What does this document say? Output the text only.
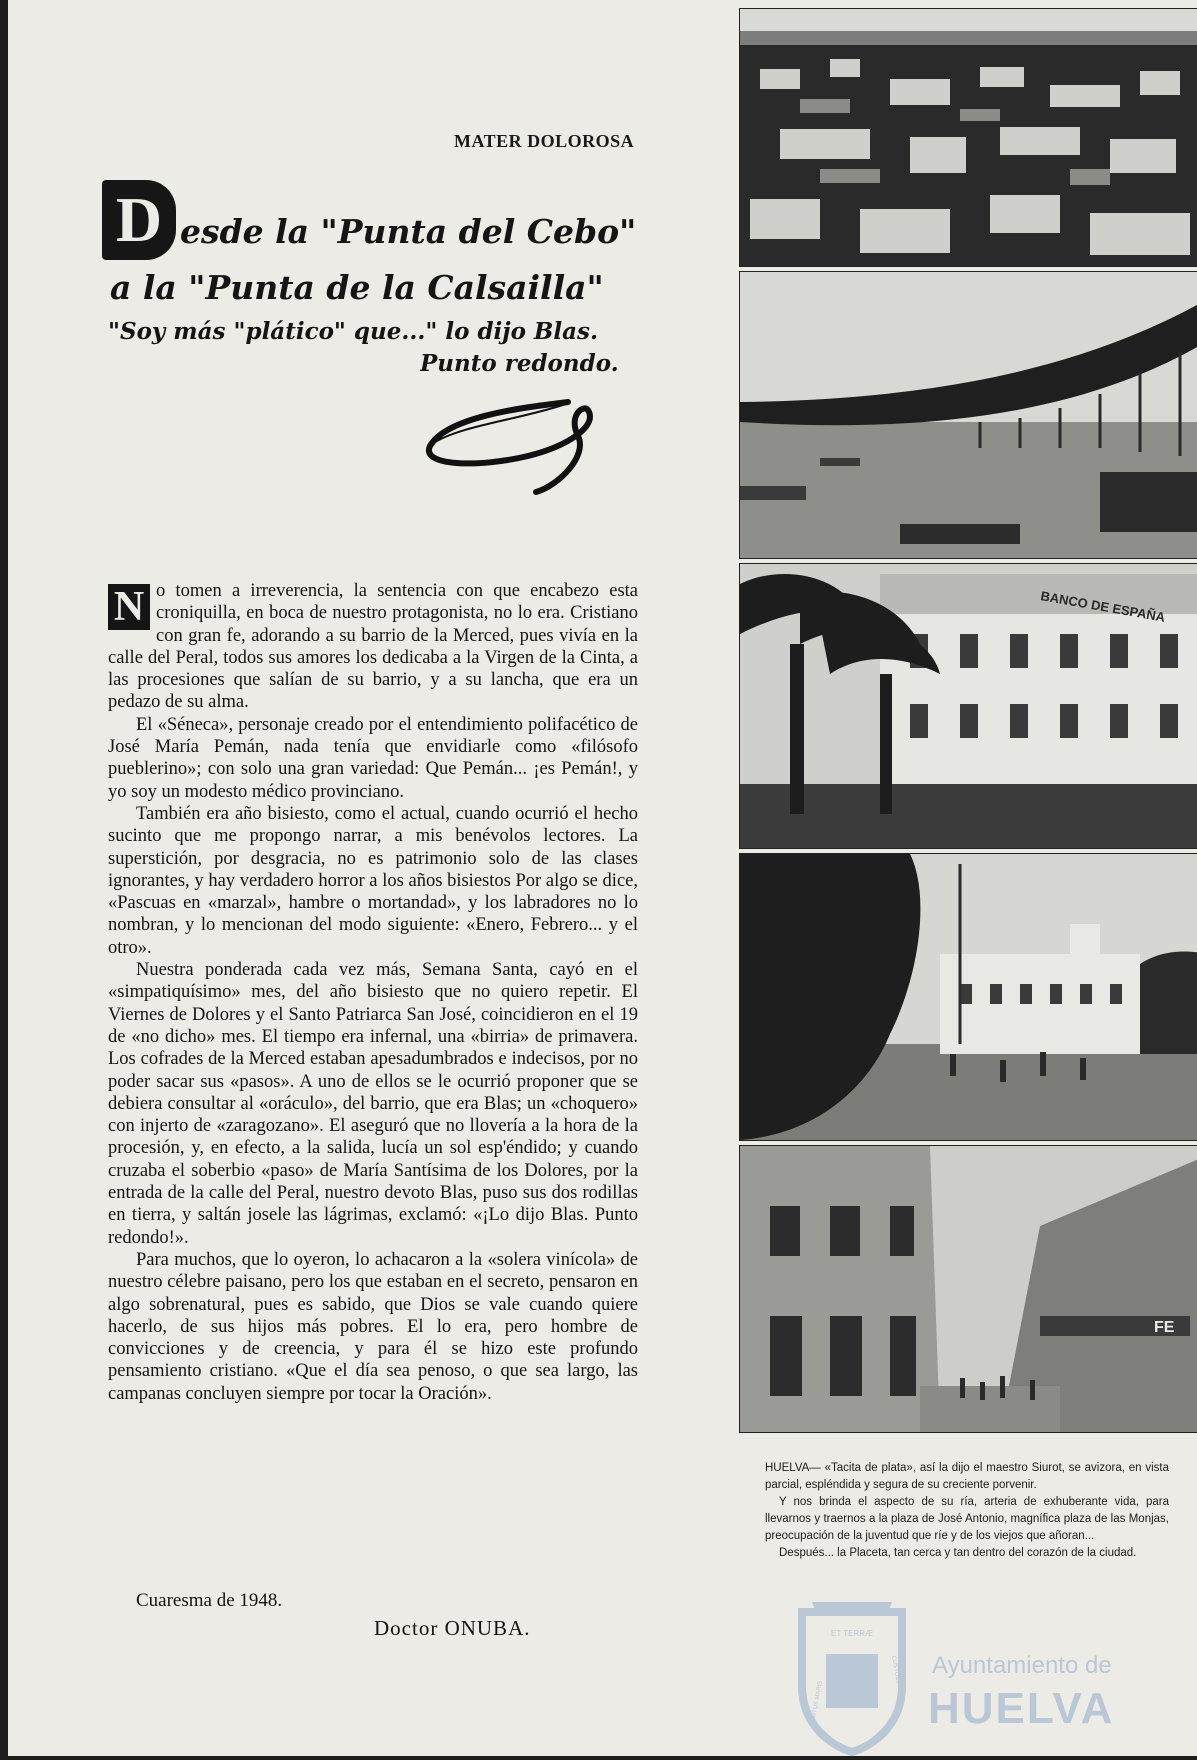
MATER DOLOROSA
D esde la "Punta del Cebo"
a la "Punta de la Calsailla"
"Soy más "plático" que..." lo dijo Blas.
Punto redondo.

N o tomen a irreverencia, la sentencia con que encabezo esta croniquilla, en boca de nuestro protagonista, no lo era. Cristiano con gran fe, adorando a su barrio de la Merced, pues vivía en la calle del Peral, todos sus amores los dedicaba a la Virgen de la Cinta, a las procesiones que salían de su barrio, y a su lancha, que era un pedazo de su alma.

El «Séneca», personaje creado por el entendimiento polifacético de José María Pemán, nada tenía que envidiarle como «filósofo pueblerino»; con solo una gran variedad: Que Pemán... ¡es Pemán!, y yo soy un modesto médico provinciano.

También era año bisiesto, como el actual, cuando ocurrió el hecho sucinto que me propongo narrar, a mis benévolos lectores. La superstición, por desgracia, no es patrimonio solo de las clases ignorantes, y hay verdadero horror a los años bisiestos Por algo se dice, «Pascuas en «marzal», hambre o mortandad», y los labradores no lo nombran, y lo mencionan del modo siguiente: «Enero, Febrero... y el otro».

Nuestra ponderada cada vez más, Semana Santa, cayó en el «simpatiquísimo» mes, del año bisiesto que no quiero repetir. El Viernes de Dolores y el Santo Patriarca San José, coincidieron en el 19 de «no dicho» mes. El tiempo era infernal, una «birria» de primavera. Los cofrades de la Merced estaban apesadumbrados e indecisos, por no poder sacar sus «pasos». A uno de ellos se le ocurrió proponer que se debiera consultar al «oráculo», del barrio, que era Blas; un «choquero» con injerto de «zaragozano». El aseguró que no llovería a la hora de la procesión, y, en efecto, a la salida, lucía un sol esp'éndido; y cuando cruzaba el soberbio «paso» de María Santísima de los Dolores, por la entrada de la calle del Peral, nuestro devoto Blas, puso sus dos rodillas en tierra, y saltán josele las lágrimas, exclamó: «¡Lo dijo Blas. Punto redondo!».

Para muchos, que lo oyeron, lo achacaron a la «solera vinícola» de nuestro célebre paisano, pero los que estaban en el secreto, pensaron en algo sobrenatural, pues es sabido, que Dios se vale cuando quiere hacerlo, de sus hijos más pobres. El lo era, pero hombre de convicciones y de creencia, y para él se hizo este profundo pensamiento cristiano. «Que el día sea penoso, o que sea largo, las campanas concluyen siempre por tocar la Oración».

Cuaresma de 1948.
Doctor ONUBA.
BANCO DE ESPAÑA
FE

HUELVA— «Tacita de plata», así la dijo el maestro Siurot, se avizora, en vista parcial, espléndida y segura de su creciente porvenir.

Y nos brinda el aspecto de su ría, arteria de exhuberante vida, para llevarnos y traernos a la plaza de José Antonio, magnífica plaza de las Monjas, preocupación de la juventud que ríe y de los viejos que añoran...

Después... la Placeta, tan cerca y tan dentro del corazón de la ciudad.

ET TERRÆ
PORTUS MARIS
CUSTODIA Ayuntamiento de
HUELVA
